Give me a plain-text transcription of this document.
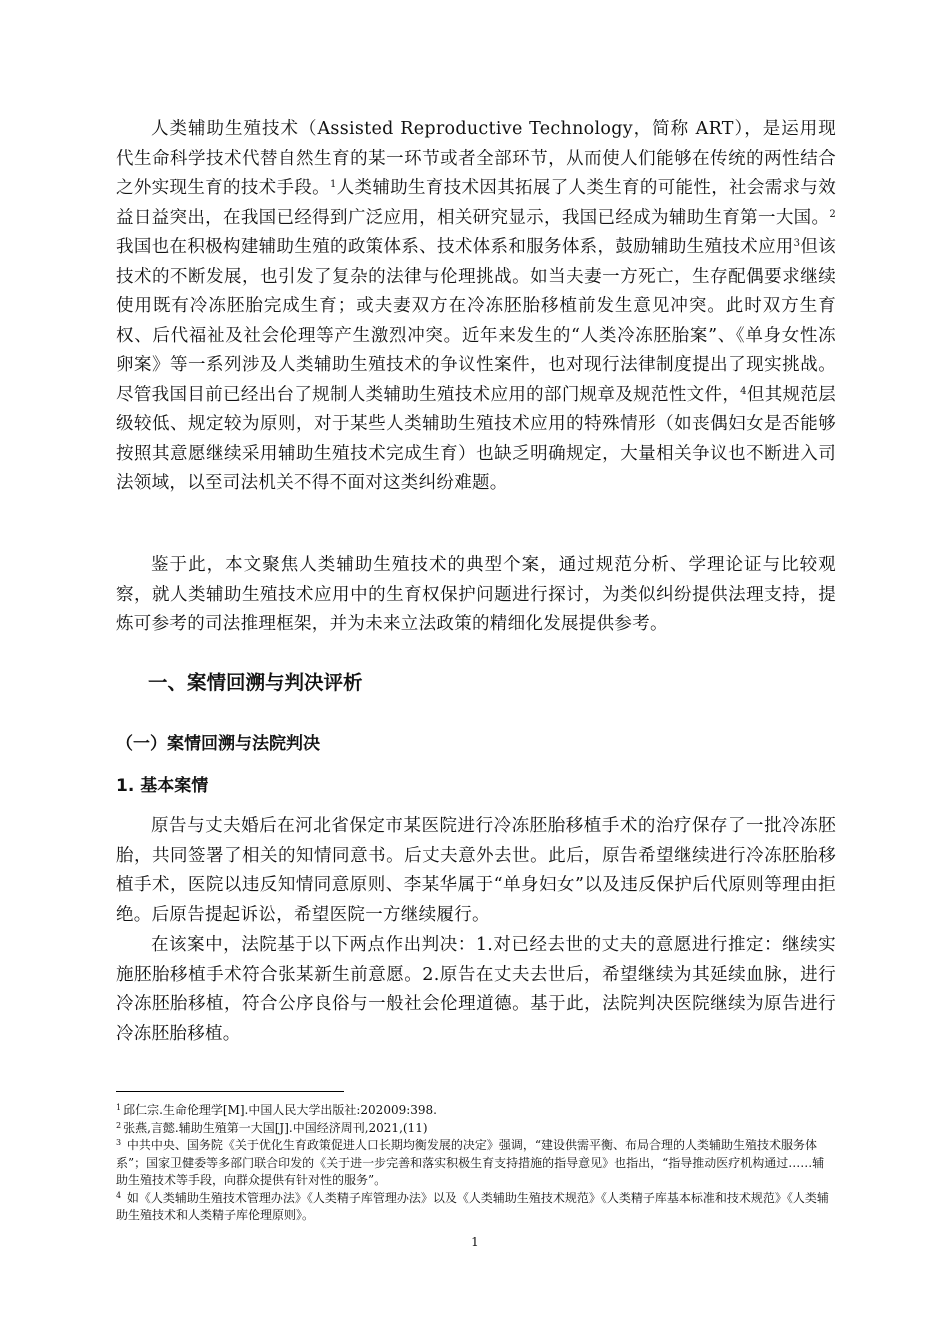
人类辅助生殖技术（Assisted Reproductive Technology，简称 ART），是运用现代生命科学技术代替自然生育的某一环节或者全部环节，从而使人们能够在传统的两性结合之外实现生育的技术手段。$^1$人类辅助生育技术因其拓展了人类生育的可能性，社会需求与效益日益突出，在我国已经得到广泛应用，相关研究显示，我国已经成为辅助生育第一大国。$^2$我国也在积极构建辅助生殖的政策体系、技术体系和服务体系，鼓励辅助生殖技术应用$^3$但该技术的不断发展，也引发了复杂的法律与伦理挑战。如当夫妻一方死亡，生存配偶要求继续使用既有冷冻胚胎完成生育；或夫妻双方在冷冻胚胎移植前发生意见冲突。此时双方生育权、后代福祉及社会伦理等产生激烈冲突。近年来发生的“人类冷冻胚胎案”、《单身女性冻卵案》等一系列涉及人类辅助生殖技术的争议性案件，也对现行法律制度提出了现实挑战。尽管我国目前已经出台了规制人类辅助生殖技术应用的部门规章及规范性文件，$^4$但其规范层级较低、规定较为原则，对于某些人类辅助生殖技术应用的特殊情形（如丧偶妇女是否能够按照其意愿继续采用辅助生殖技术完成生育）也缺乏明确规定，大量相关争议也不断进入司法领域，以至司法机关不得不面对这类纠纷难题。

鉴于此，本文聚焦人类辅助生殖技术的典型个案，通过规范分析、学理论证与比较观察，就人类辅助生殖技术应用中的生育权保护问题进行探讨，为类似纠纷提供法理支持，提炼可参考的司法推理框架，并为未来立法政策的精细化发展提供参考。

一、案情回溯与判决评析
（一）案情回溯与法院判决
1. 基本案情

原告与丈夫婚后在河北省保定市某医院进行冷冻胚胎移植手术的治疗保存了一批冷冻胚胎，共同签署了相关的知情同意书。后丈夫意外去世。此后，原告希望继续进行冷冻胚胎移植手术，医院以违反知情同意原则、李某华属于“单身妇女”以及违反保护后代原则等理由拒绝。后原告提起诉讼，希望医院一方继续履行。

在该案中，法院基于以下两点作出判决：1.对已经去世的丈夫的意愿进行推定：继续实施胚胎移植手术符合张某新生前意愿。2.原告在丈夫去世后，希望继续为其延续血脉，进行冷冻胚胎移植，符合公序良俗与一般社会伦理道德。基于此，法院判决医院继续为原告进行冷冻胚胎移植。

$^1$ 邱仁宗.生命伦理学[M].中国人民大学出版社:202009:398.
$^2$ 张燕,言懿.辅助生殖第一大国[J].中国经济周刊,2021,(11)
$^3$ 中共中央、国务院《关于优化生育政策促进人口长期均衡发展的决定》强调，“建设供需平衡、布局合理的人类辅助生殖技术服务体系”；国家卫健委等多部门联合印发的《关于进一步完善和落实积极生育支持措施的指导意见》也指出，“指导推动医疗机构通过……辅助生殖技术等手段，向群众提供有针对性的服务”。
$^4$ 如《人类辅助生殖技术管理办法》《人类精子库管理办法》以及《人类辅助生殖技术规范》《人类精子库基本标准和技术规范》《人类辅助生殖技术和人类精子库伦理原则》。
1
